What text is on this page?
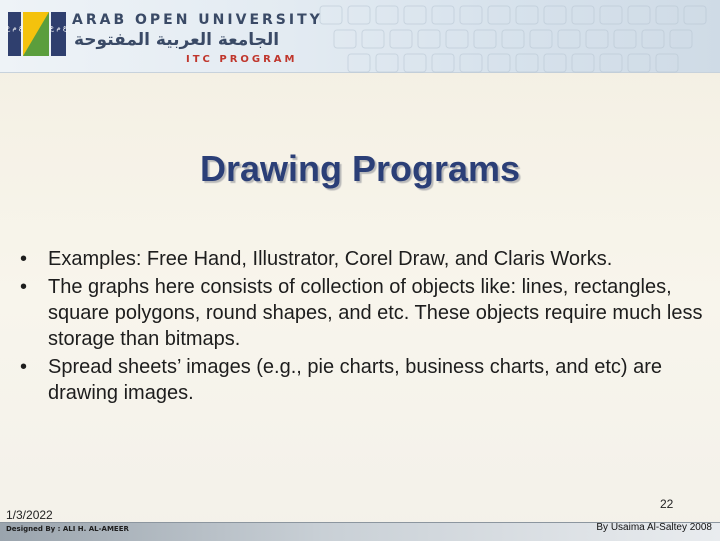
ع م ع	ع م ع ARAB OPEN UNIVERSITY
الجامعة العربية المفتوحة
ITC PROGRAM
Drawing Programs
• Examples: Free Hand, Illustrator, Corel Draw, and Claris Works.
• The graphs here consists of collection of objects like: lines, rectangles, square polygons, round shapes, and etc. These objects require much less storage than bitmaps.
• Spread sheets’ images (e.g., pie charts, business charts, and etc) are drawing images.
1/3/2022
22
Designed By : ALI H. AL-AMEER	By Usaima Al-Saltey 2008
